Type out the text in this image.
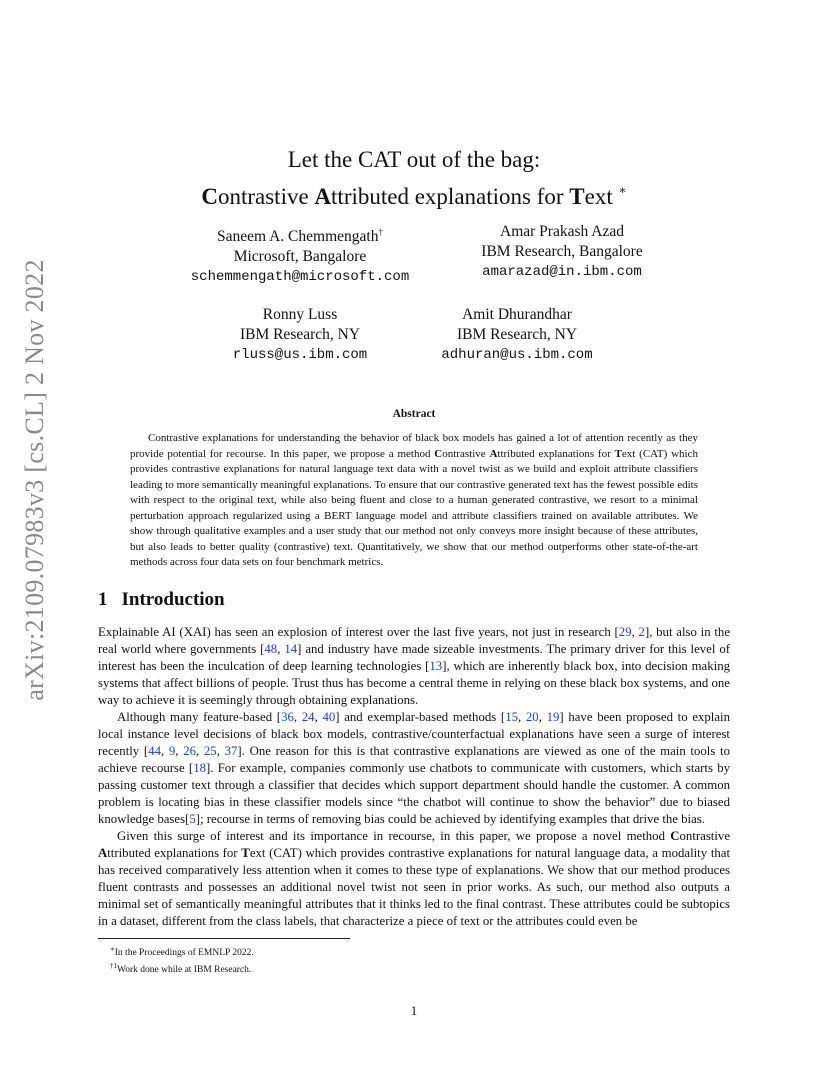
arXiv:2109.07983v3 [cs.CL] 2 Nov 2022
Let the CAT out of the bag:
Contrastive Attributed explanations for Text ∗
Saneem A. Chemmengath†
Microsoft, Bangalore
schemmengath@microsoft.com
Amar Prakash Azad
IBM Research, Bangalore
amarazad@in.ibm.com
Ronny Luss
IBM Research, NY
rluss@us.ibm.com
Amit Dhurandhar
IBM Research, NY
adhuran@us.ibm.com
Abstract

Contrastive explanations for understanding the behavior of black box models has gained a lot of attention recently as they provide potential for recourse. In this paper, we propose a method Contrastive Attributed explanations for Text (CAT) which provides contrastive explanations for natural language text data with a novel twist as we build and exploit attribute classifiers leading to more semantically meaningful explanations. To ensure that our contrastive generated text has the fewest possible edits with respect to the original text, while also being fluent and close to a human generated contrastive, we resort to a minimal perturbation approach regularized using a BERT language model and attribute classifiers trained on available attributes. We show through qualitative examples and a user study that our method not only conveys more insight because of these attributes, but also leads to better quality (contrastive) text. Quantitatively, we show that our method outperforms other state-of-the-art methods across four data sets on four benchmark metrics.

1 Introduction

Explainable AI (XAI) has seen an explosion of interest over the last five years, not just in research [29, 2], but also in the real world where governments [48, 14] and industry have made sizeable investments. The primary driver for this level of interest has been the inculcation of deep learning technologies [13], which are inherently black box, into decision making systems that affect billions of people. Trust thus has become a central theme in relying on these black box systems, and one way to achieve it is seemingly through obtaining explanations.

Although many feature-based [36, 24, 40] and exemplar-based methods [15, 20, 19] have been proposed to explain local instance level decisions of black box models, contrastive/counterfactual explanations have seen a surge of interest recently [44, 9, 26, 25, 37]. One reason for this is that contrastive explanations are viewed as one of the main tools to achieve recourse [18]. For example, companies commonly use chatbots to communicate with customers, which starts by passing customer text through a classifier that decides which support department should handle the customer. A common problem is locating bias in these classifier models since “the chatbot will continue to show the behavior” due to biased knowledge bases[5]; recourse in terms of removing bias could be achieved by identifying examples that drive the bias.

Given this surge of interest and its importance in recourse, in this paper, we propose a novel method Contrastive Attributed explanations for Text (CAT) which provides contrastive explanations for natural language data, a modality that has received comparatively less attention when it comes to these type of explanations. We show that our method produces fluent contrasts and possesses an additional novel twist not seen in prior works. As such, our method also outputs a minimal set of semantically meaningful attributes that it thinks led to the final contrast. These attributes could be subtopics in a dataset, different from the class labels, that characterize a piece of text or the attributes could even be

∗In the Proceedings of EMNLP 2022.
$^{\dagger 1}$Work done while at IBM Research.
1
